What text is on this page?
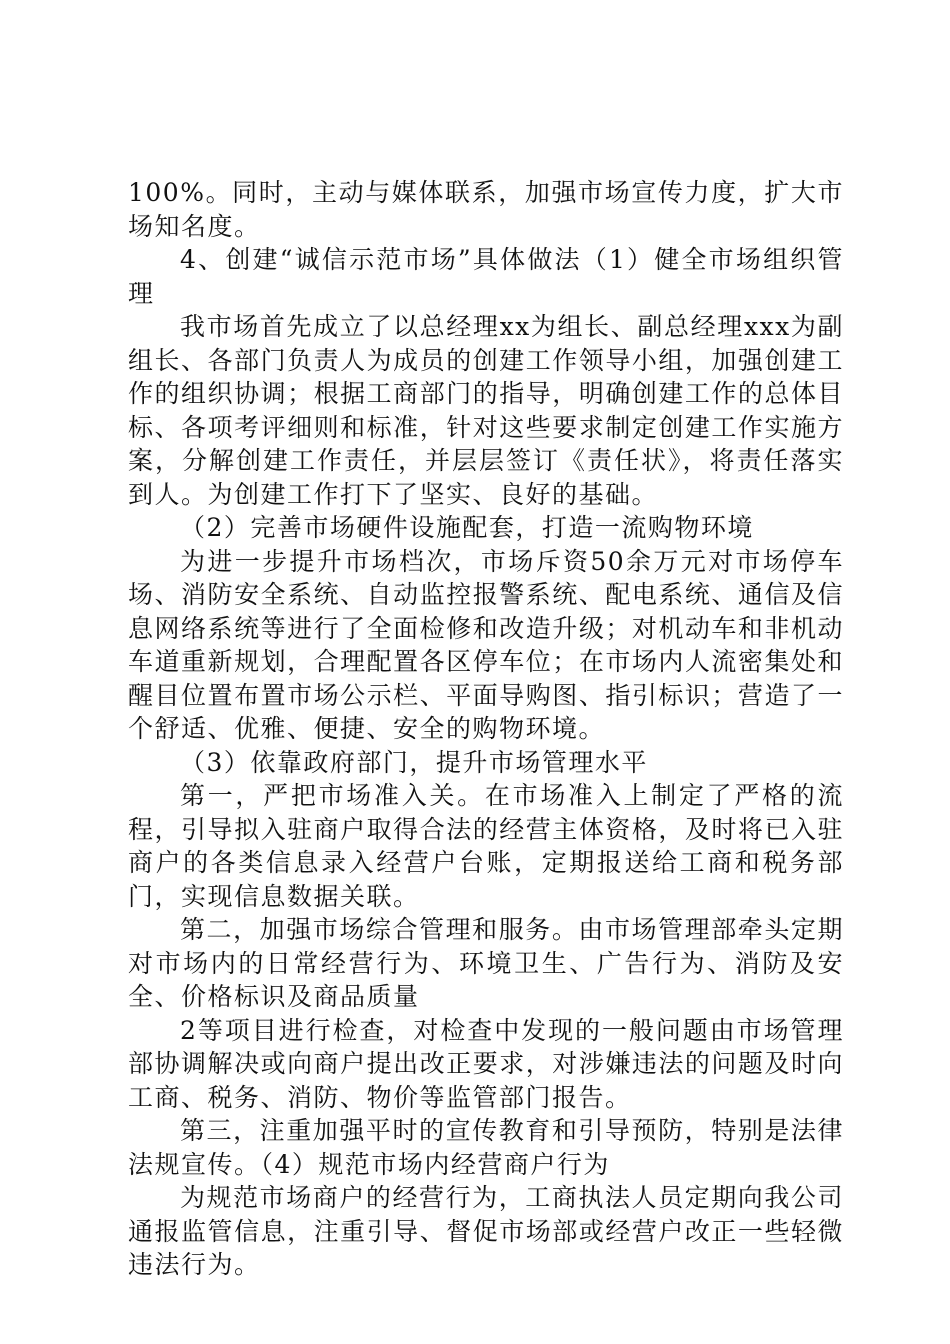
100%。同时，主动与媒体联系，加强市场宣传力度，扩大市场知名度。

4、创建“诚信示范市场”具体做法（1）健全市场组织管理

我市场首先成立了以总经理xx为组长、副总经理xxx为副组长、各部门负责人为成员的创建工作领导小组，加强创建工作的组织协调；根据工商部门的指导，明确创建工作的总体目标、各项考评细则和标准，针对这些要求制定创建工作实施方案，分解创建工作责任，并层层签订《责任状》，将责任落实到人。为创建工作打下了坚实、良好的基础。

（2）完善市场硬件设施配套，打造一流购物环境

为进一步提升市场档次，市场斥资50余万元对市场停车场、消防安全系统、自动监控报警系统、配电系统、通信及信息网络系统等进行了全面检修和改造升级；对机动车和非机动车道重新规划，合理配置各区停车位；在市场内人流密集处和醒目位置布置市场公示栏、平面导购图、指引标识；营造了一个舒适、优雅、便捷、安全的购物环境。

（3）依靠政府部门，提升市场管理水平

第一，严把市场准入关。在市场准入上制定了严格的流程，引导拟入驻商户取得合法的经营主体资格，及时将已入驻商户的各类信息录入经营户台账，定期报送给工商和税务部门，实现信息数据关联。

第二，加强市场综合管理和服务。由市场管理部牵头定期对市场内的日常经营行为、环境卫生、广告行为、消防及安全、价格标识及商品质量

2等项目进行检查，对检查中发现的一般问题由市场管理部协调解决或向商户提出改正要求，对涉嫌违法的问题及时向工商、税务、消防、物价等监管部门报告。

第三，注重加强平时的宣传教育和引导预防，特别是法律法规宣传。（4）规范市场内经营商户行为

为规范市场商户的经营行为，工商执法人员定期向我公司通报监管信息，注重引导、督促市场部或经营户改正一些轻微违法行为。
